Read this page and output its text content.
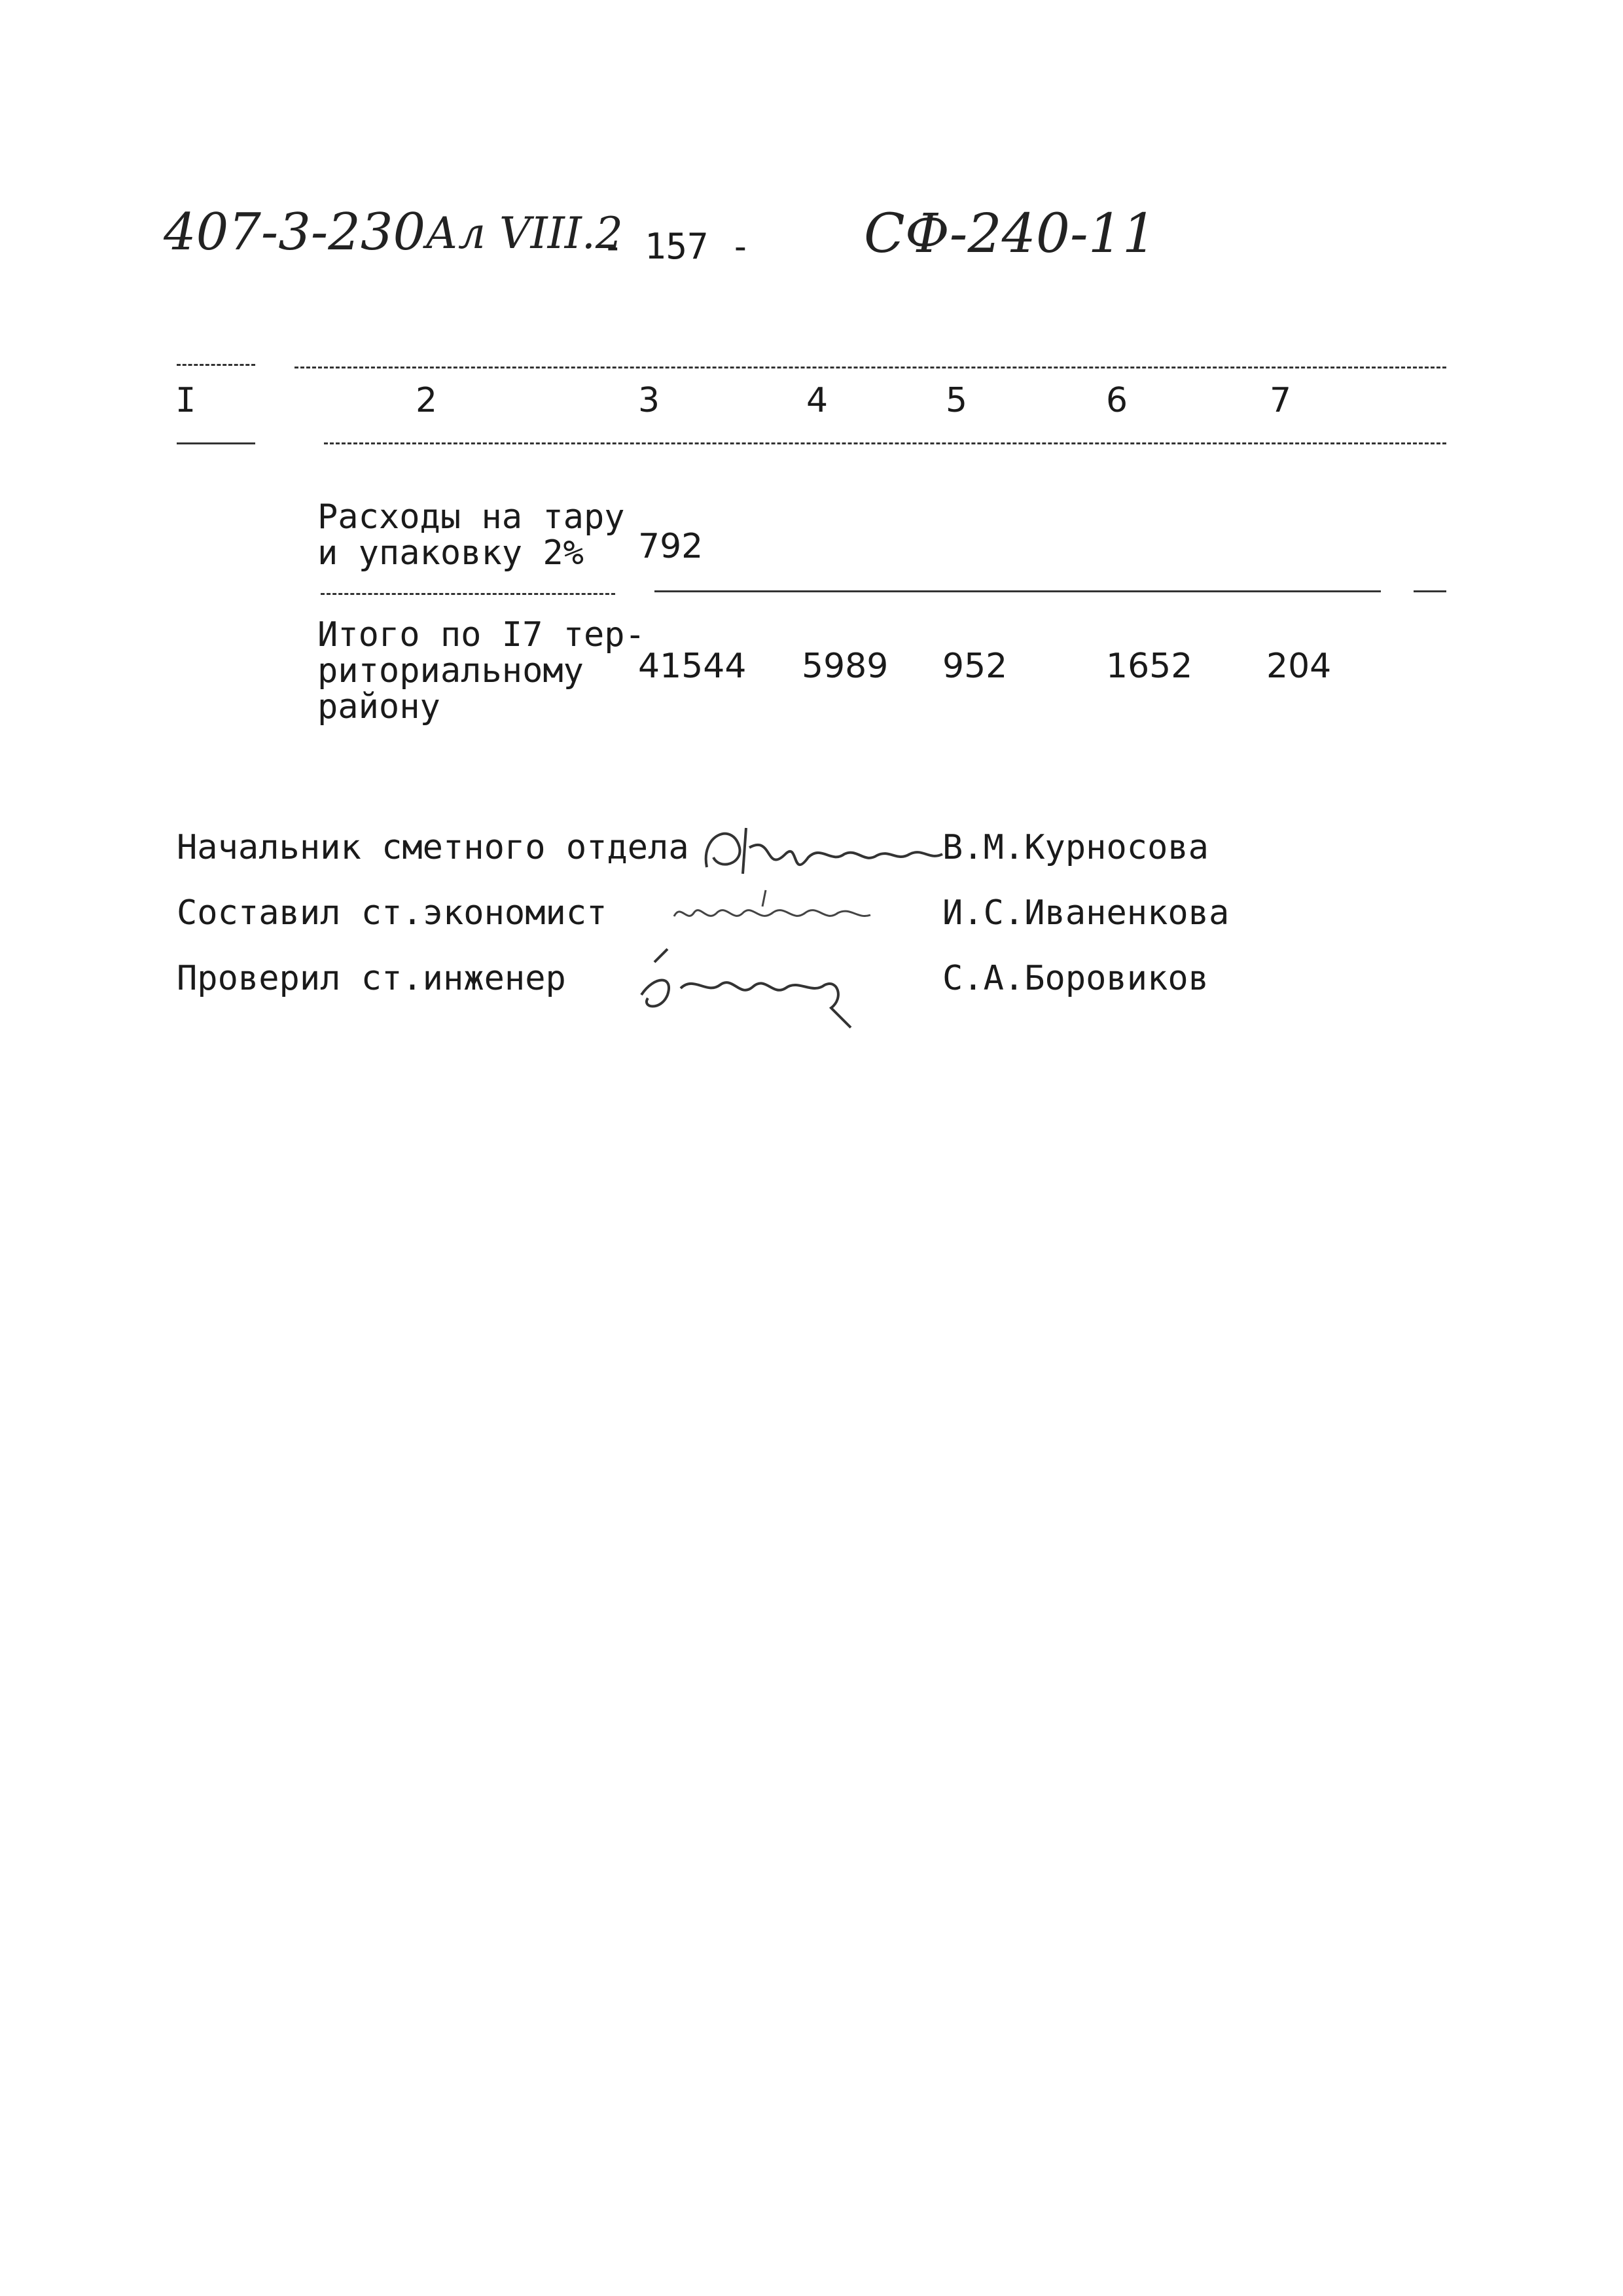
407-3-230 Ал VIII.2
- 157 - СФ-240-11
I	2	3	4	5	6	7
Расходы на тару
и упаковку 2% 792
Итого по I7 тер-
риториальному
району
41544 5989 952	1652 204
Начальник сметного отдела	В.М.Курносова
Составил ст.экономист	И.С.Иваненкова
Проверил ст.инженер	С.А.Боровиков
